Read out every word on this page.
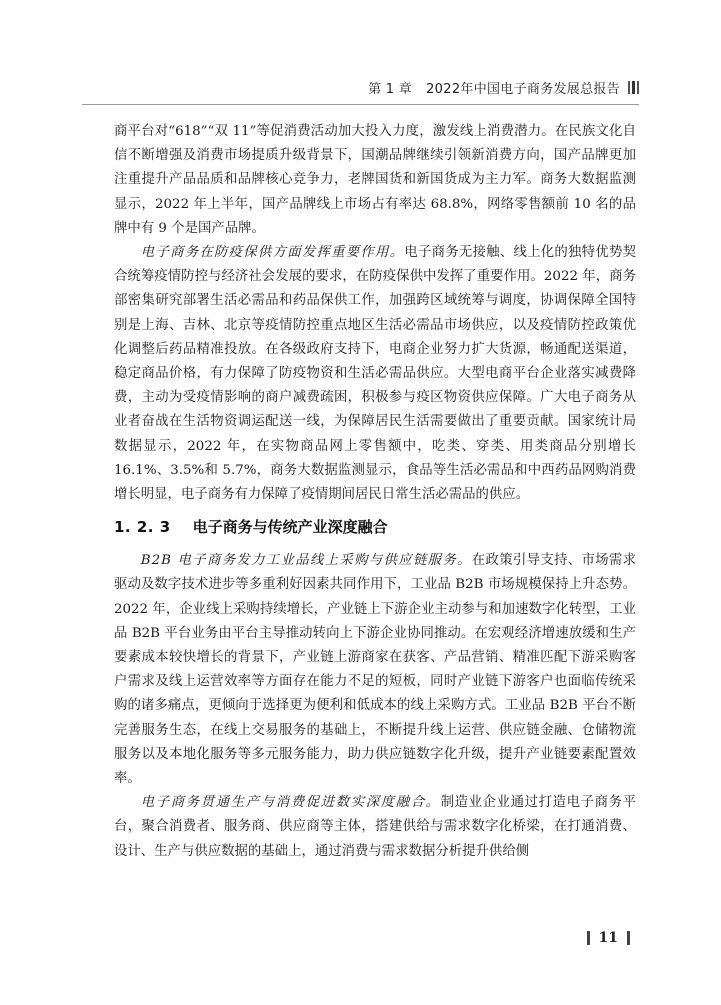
第 1 章 2022年中国电子商务发展总报告

商平台对“618”“双 11”等促消费活动加大投入力度，激发线上消费潜力。在民族文化自信不断增强及消费市场提质升级背景下，国潮品牌继续引领新消费方向，国产品牌更加注重提升产品品质和品牌核心竞争力，老牌国货和新国货成为主力军。商务大数据监测显示，2022 年上半年，国产品牌线上市场占有率达 68.8%，网络零售额前 10 名的品牌中有 9 个是国产品牌。

电子商务在防疫保供方面发挥重要作用。电子商务无接触、线上化的独特优势契合统筹疫情防控与经济社会发展的要求，在防疫保供中发挥了重要作用。2022 年，商务部密集研究部署生活必需品和药品保供工作，加强跨区域统筹与调度，协调保障全国特别是上海、吉林、北京等疫情防控重点地区生活必需品市场供应，以及疫情防控政策优化调整后药品精准投放。在各级政府支持下，电商企业努力扩大货源，畅通配送渠道，稳定商品价格，有力保障了防疫物资和生活必需品供应。大型电商平台企业落实减费降费，主动为受疫情影响的商户减费疏困，积极参与疫区物资供应保障。广大电子商务从业者奋战在生活物资调运配送一线，为保障居民生活需要做出了重要贡献。国家统计局数据显示，2022 年，在实物商品网上零售额中，吃类、穿类、用类商品分别增长 16.1%、3.5%和 5.7%，商务大数据监测显示，食品等生活必需品和中西药品网购消费增长明显，电子商务有力保障了疫情期间居民日常生活必需品的供应。

1. 2. 3 电子商务与传统产业深度融合

B2B 电子商务发力工业品线上采购与供应链服务。在政策引导支持、市场需求驱动及数字技术进步等多重利好因素共同作用下，工业品 B2B 市场规模保持上升态势。2022 年，企业线上采购持续增长，产业链上下游企业主动参与和加速数字化转型，工业品 B2B 平台业务由平台主导推动转向上下游企业协同推动。在宏观经济增速放缓和生产要素成本较快增长的背景下，产业链上游商家在获客、产品营销、精准匹配下游采购客户需求及线上运营效率等方面存在能力不足的短板，同时产业链下游客户也面临传统采购的诸多痛点，更倾向于选择更为便利和低成本的线上采购方式。工业品 B2B 平台不断完善服务生态，在线上交易服务的基础上，不断提升线上运营、供应链金融、仓储物流服务以及本地化服务等多元服务能力，助力供应链数字化升级，提升产业链要素配置效率。

电子商务贯通生产与消费促进数实深度融合。制造业企业通过打造电子商务平台，聚合消费者、服务商、供应商等主体，搭建供给与需求数字化桥梁，在打通消费、设计、生产与供应数据的基础上，通过消费与需求数据分析提升供给侧

11
